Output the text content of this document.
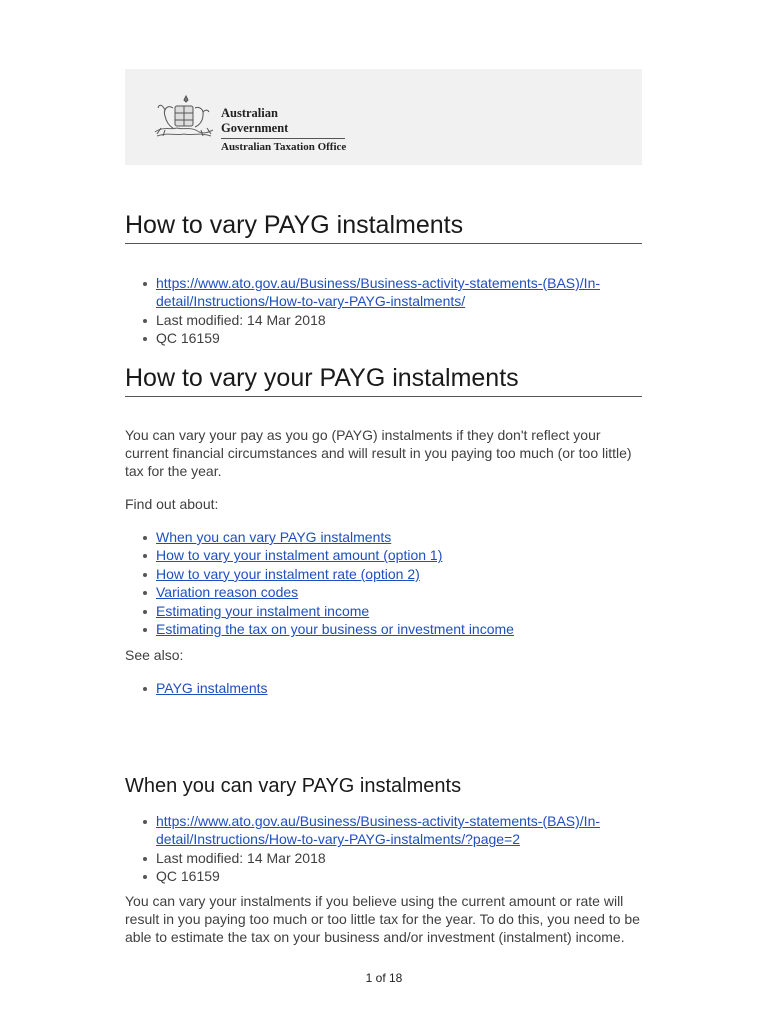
Australian Government
Australian Taxation Office
How to vary PAYG instalments
https://www.ato.gov.au/Business/Business-activity-statements-(BAS)/In-
detail/Instructions/How-to-vary-PAYG-instalments/
Last modified: 14 Mar 2018
QC 16159
How to vary your PAYG instalments

You can vary your pay as you go (PAYG) instalments if they don't reflect your current financial circumstances and will result in you paying too much (or too little) tax for the year.

Find out about:

When you can vary PAYG instalments
How to vary your instalment amount (option 1)
How to vary your instalment rate (option 2)
Variation reason codes
Estimating your instalment income
Estimating the tax on your business or investment income

See also:

PAYG instalments
When you can vary PAYG instalments
https://www.ato.gov.au/Business/Business-activity-statements-(BAS)/In-
detail/Instructions/How-to-vary-PAYG-instalments/?page=2
Last modified: 14 Mar 2018
QC 16159

You can vary your instalments if you believe using the current amount or rate will result in you paying too much or too little tax for the year. To do this, you need to be able to estimate the tax on your business and/or investment (instalment) income.

1 of 18
